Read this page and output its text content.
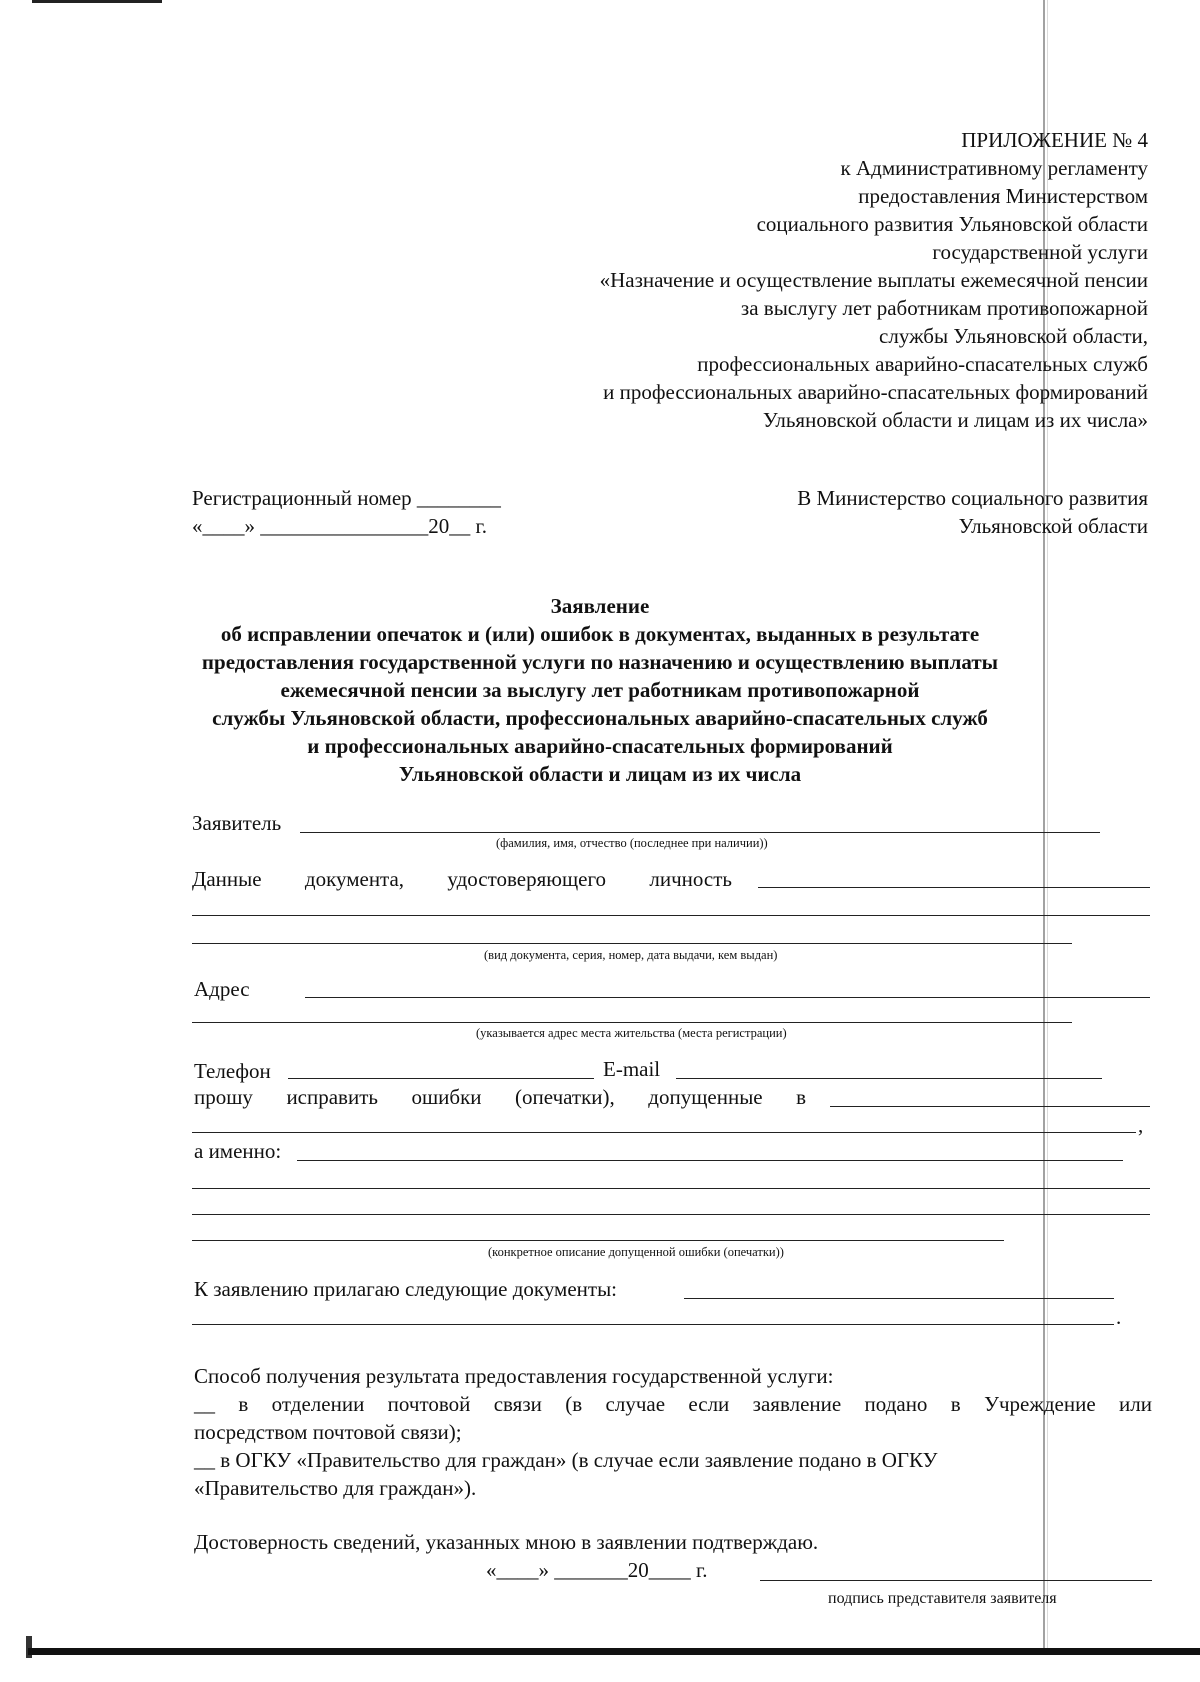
ПРИЛОЖЕНИЕ № 4
к Административному регламенту
предоставления Министерством
социального развития Ульяновской области
государственной услуги
«Назначение и осуществление выплаты ежемесячной пенсии
за выслугу лет работникам противопожарной
службы Ульяновской области,
профессиональных аварийно-спасательных служб
и профессиональных аварийно-спасательных формирований
Ульяновской области и лицам из их числа»
Регистрационный номер ________
«____» ________________20__ г.
В Министерство социального развития
Ульяновской области
Заявление
об исправлении опечаток и (или) ошибок в документах, выданных в результате
предоставления государственной услуги по назначению и осуществлению выплаты
ежемесячной пенсии за выслугу лет работникам противопожарной
службы Ульяновской области, профессиональных аварийно-спасательных служб
и профессиональных аварийно-спасательных формирований
Ульяновской области и лицам из их числа
Заявитель
(фамилия, имя, отчество (последнее при наличии))
Данные документа, удостоверяющего личность
(вид документа, серия, номер, дата выдачи, кем выдан)
Адрес
(указывается адрес места жительства (места регистрации)
Телефон	E-mail
прошу исправить ошибки (опечатки), допущенные в
,
а именно:
(конкретное описание допущенной ошибки (опечатки))
К заявлению прилагаю следующие документы:
.
Способ получения результата предоставления государственной услуги:
__ в отделении почтовой связи (в случае если заявление подано в Учреждение или
посредством почтовой связи);
__ в ОГКУ «Правительство для граждан» (в случае если заявление подано в ОГКУ
«Правительство для граждан»).
Достоверность сведений, указанных мною в заявлении подтверждаю.
«____» _______20____ г.
подпись представителя заявителя
